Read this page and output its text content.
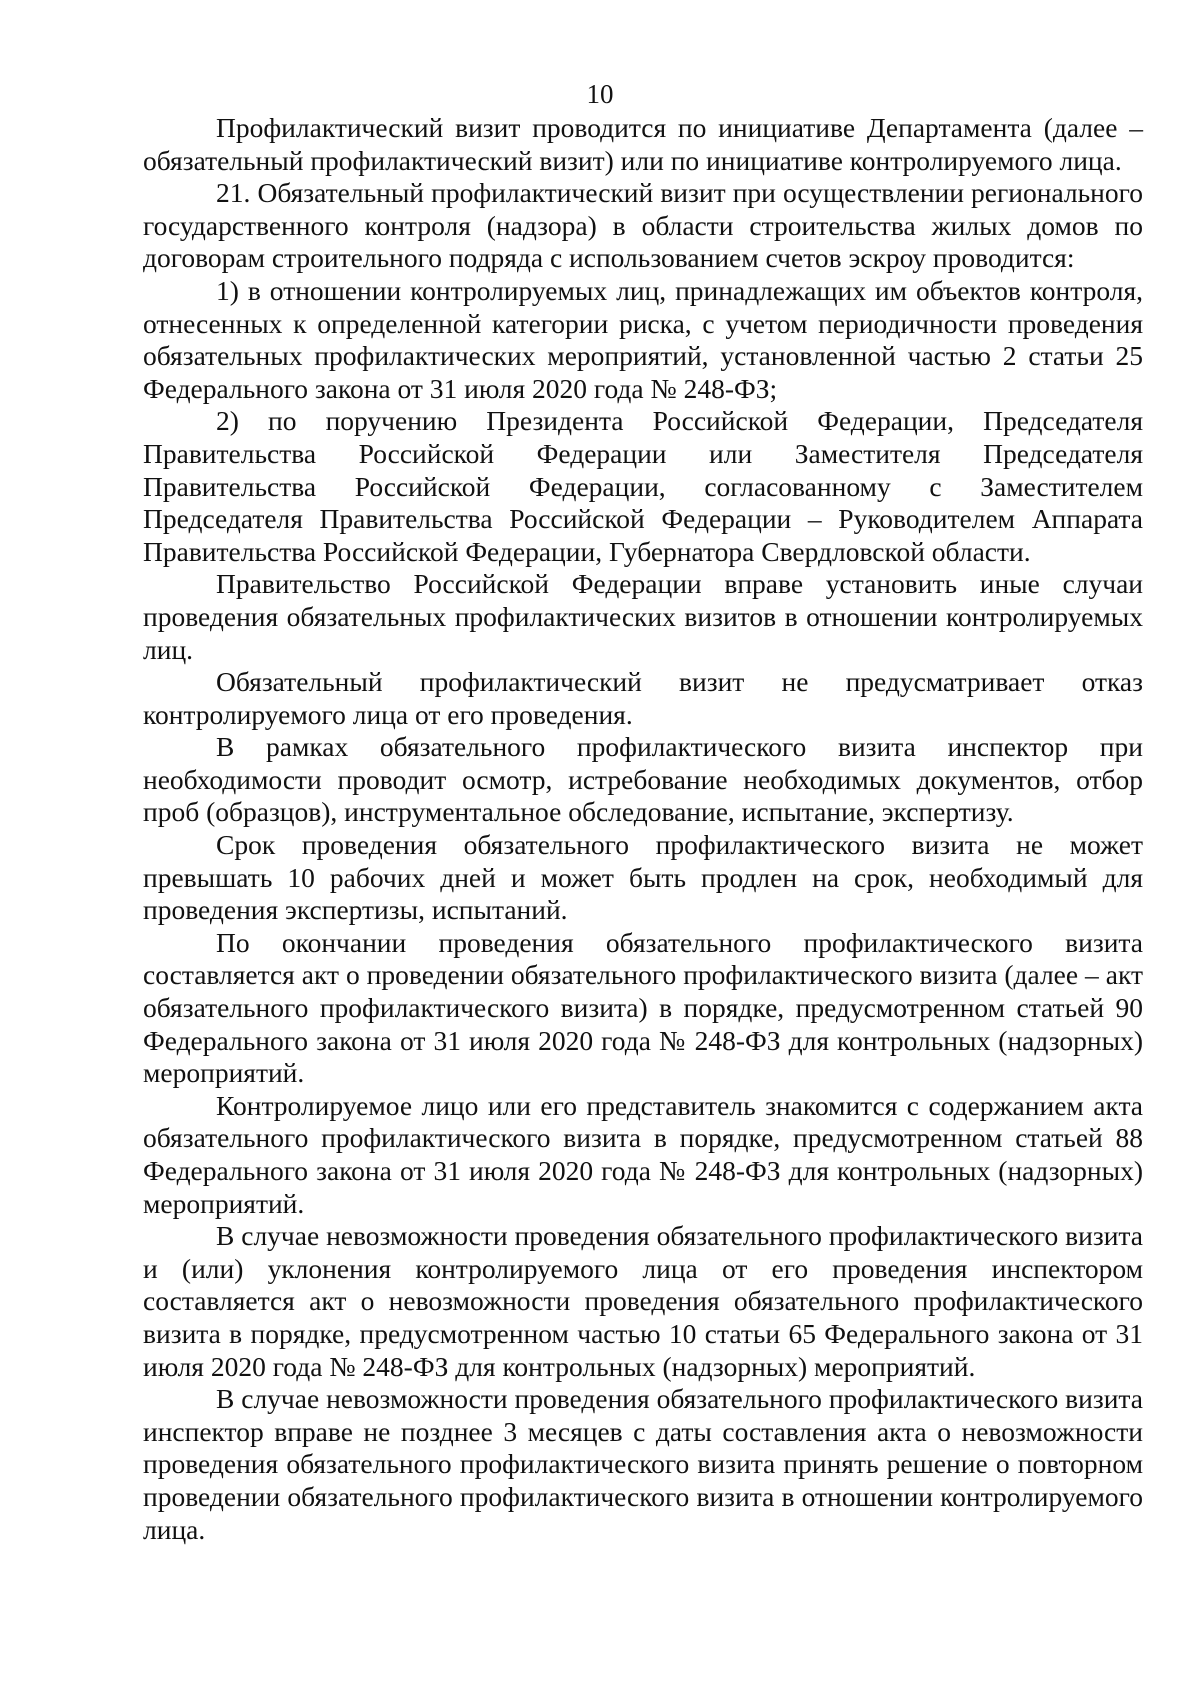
10

Профилактический визит проводится по инициативе Департамента (далее – обязательный профилактический визит) или по инициативе контролируемого лица.

21. Обязательный профилактический визит при осуществлении регионального государственного контроля (надзора) в области строительства жилых домов по договорам строительного подряда с использованием счетов эскроу проводится:

1) в отношении контролируемых лиц, принадлежащих им объектов контроля, отнесенных к определенной категории риска, с учетом периодичности проведения обязательных профилактических мероприятий, установленной частью 2 статьи 25 Федерального закона от 31 июля 2020 года № 248-ФЗ;

2) по поручению Президента Российской Федерации, Председателя Правительства Российской Федерации или Заместителя Председателя Правительства Российской Федерации, согласованному с Заместителем Председателя Правительства Российской Федерации – Руководителем Аппарата Правительства Российской Федерации, Губернатора Свердловской области.

Правительство Российской Федерации вправе установить иные случаи проведения обязательных профилактических визитов в отношении контролируемых лиц.

Обязательный профилактический визит не предусматривает отказ контролируемого лица от его проведения.

В рамках обязательного профилактического визита инспектор при необходимости проводит осмотр, истребование необходимых документов, отбор проб (образцов), инструментальное обследование, испытание, экспертизу.

Срок проведения обязательного профилактического визита не может превышать 10 рабочих дней и может быть продлен на срок, необходимый для проведения экспертизы, испытаний.

По окончании проведения обязательного профилактического визита составляется акт о проведении обязательного профилактического визита (далее – акт обязательного профилактического визита) в порядке, предусмотренном статьей 90 Федерального закона от 31 июля 2020 года № 248-ФЗ для контрольных (надзорных) мероприятий.

Контролируемое лицо или его представитель знакомится с содержанием акта обязательного профилактического визита в порядке, предусмотренном статьей 88 Федерального закона от 31 июля 2020 года № 248-ФЗ для контрольных (надзорных) мероприятий.

В случае невозможности проведения обязательного профилактического визита и (или) уклонения контролируемого лица от его проведения инспектором составляется акт о невозможности проведения обязательного профилактического визита в порядке, предусмотренном частью 10 статьи 65 Федерального закона от 31 июля 2020 года № 248-ФЗ для контрольных (надзорных) мероприятий.

В случае невозможности проведения обязательного профилактического визита инспектор вправе не позднее 3 месяцев с даты составления акта о невозможности проведения обязательного профилактического визита принять решение о повторном проведении обязательного профилактического визита в отношении контролируемого лица.
